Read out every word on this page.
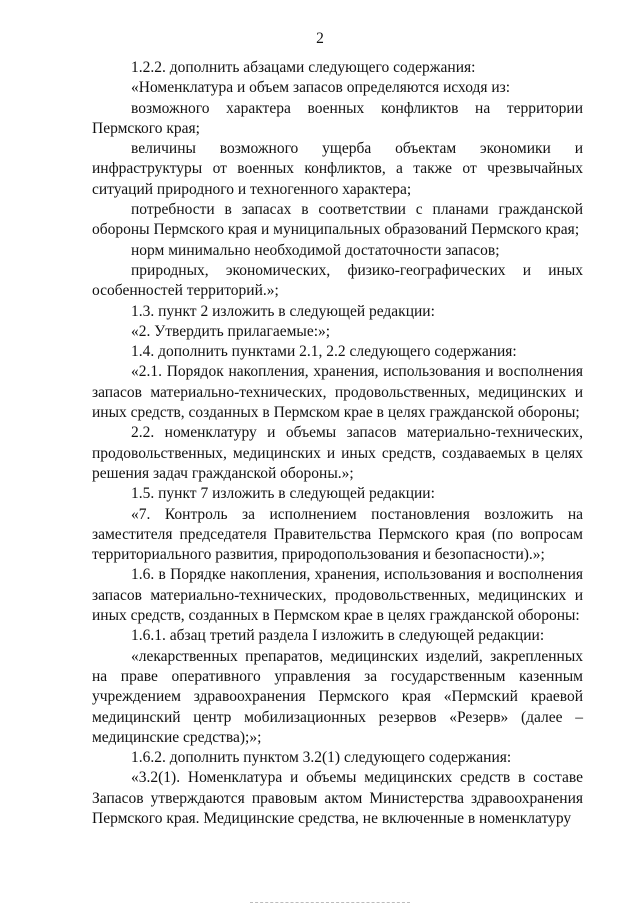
2

1.2.2. дополнить абзацами следующего содержания:

«Номенклатура и объем запасов определяются исходя из:

возможного характера военных конфликтов на территории Пермского края;

величины возможного ущерба объектам экономики и инфраструктуры от военных конфликтов, а также от чрезвычайных ситуаций природного и техногенного характера;

потребности в запасах в соответствии с планами гражданской обороны Пермского края и муниципальных образований Пермского края;

норм минимально необходимой достаточности запасов;

природных, экономических, физико-географических и иных особенностей территорий.»;

1.3. пункт 2 изложить в следующей редакции:

«2. Утвердить прилагаемые:»;

1.4. дополнить пунктами 2.1, 2.2 следующего содержания:

«2.1. Порядок накопления, хранения, использования и восполнения запасов материально-технических, продовольственных, медицинских и иных средств, созданных в Пермском крае в целях гражданской обороны;

2.2. номенклатуру и объемы запасов материально-технических, продовольственных, медицинских и иных средств, создаваемых в целях решения задач гражданской обороны.»;

1.5. пункт 7 изложить в следующей редакции:

«7. Контроль за исполнением постановления возложить на заместителя председателя Правительства Пермского края (по вопросам территориального развития, природопользования и безопасности).»;

1.6. в Порядке накопления, хранения, использования и восполнения запасов материально-технических, продовольственных, медицинских и иных средств, созданных в Пермском крае в целях гражданской обороны:

1.6.1. абзац третий раздела I изложить в следующей редакции:

«лекарственных препаратов, медицинских изделий, закрепленных на праве оперативного управления за государственным казенным учреждением здравоохранения Пермского края «Пермский краевой медицинский центр мобилизационных резервов «Резерв» (далее – медицинские средства);»;

1.6.2. дополнить пунктом 3.2(1) следующего содержания:

«3.2(1). Номенклатура и объемы медицинских средств в составе Запасов утверждаются правовым актом Министерства здравоохранения Пермского края. Медицинские средства, не включенные в номенклатуру
